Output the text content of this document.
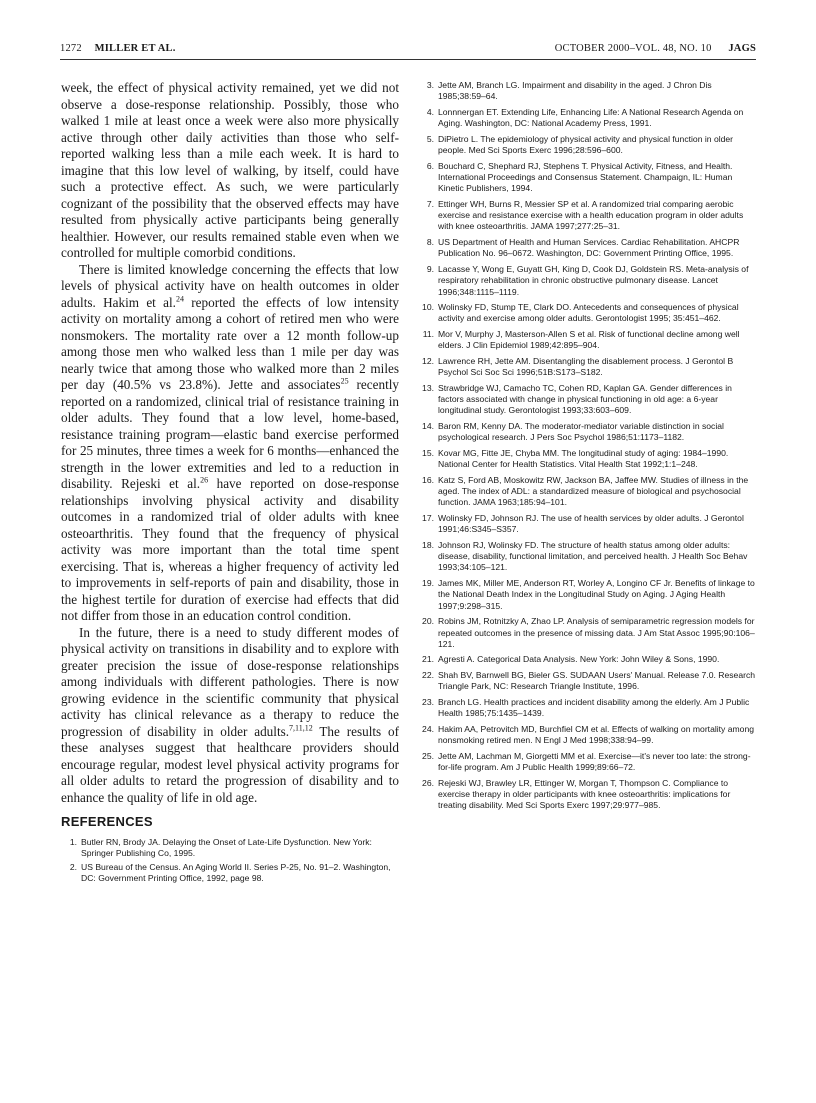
1272 MILLER ET AL.	OCTOBER 2000–VOL. 48, NO. 10 JAGS

week, the effect of physical activity remained, yet we did not observe a dose-response relationship. Possibly, those who walked 1 mile at least once a week were also more physically active through other daily activities than those who self-reported walking less than a mile each week. It is hard to imagine that this low level of walking, by itself, could have such a protective effect. As such, we were particularly cognizant of the possibility that the observed effects may have resulted from physically active participants being generally healthier. However, our results remained stable even when we controlled for multiple comorbid conditions.

There is limited knowledge concerning the effects that low levels of physical activity have on health outcomes in older adults. Hakim et al.$^{24}$ reported the effects of low intensity activity on mortality among a cohort of retired men who were nonsmokers. The mortality rate over a 12 month follow-up among those men who walked less than 1 mile per day was nearly twice that among those who walked more than 2 miles per day (40.5% vs 23.8%). Jette and associates$^{25}$ recently reported on a randomized, clinical trial of resistance training in older adults. They found that a low level, home-based, resistance training program—elastic band exercise performed for 25 minutes, three times a week for 6 months—enhanced the strength in the lower extremities and led to a reduction in disability. Rejeski et al.$^{26}$ have reported on dose-response relationships involving physical activity and disability outcomes in a randomized trial of older adults with knee osteoarthritis. They found that the frequency of physical activity was more important than the total time spent exercising. That is, whereas a higher frequency of activity led to improvements in self-reports of pain and disability, those in the highest tertile for duration of exercise had effects that did not differ from those in an education control condition.

In the future, there is a need to study different modes of physical activity on transitions in disability and to explore with greater precision the issue of dose-response relationships among individuals with different pathologies. There is now growing evidence in the scientific community that physical activity has clinical relevance as a therapy to reduce the progression of disability in older adults.$^{7,11,12}$ The results of these analyses suggest that healthcare providers should encourage regular, modest level physical activity programs for all older adults to retard the progression of disability and to enhance the quality of life in old age.

REFERENCES
1. Butler RN, Brody JA. Delaying the Onset of Late-Life Dysfunction. New York: Springer Publishing Co, 1995.
2. US Bureau of the Census. An Aging World II. Series P-25, No. 91–2. Washington, DC: Government Printing Office, 1992, page 98.
3. Jette AM, Branch LG. Impairment and disability in the aged. J Chron Dis 1985;38:59–64.
4. Lonnnergan ET. Extending Life, Enhancing Life: A National Research Agenda on Aging. Washington, DC: National Academy Press, 1991.
5. DiPietro L. The epidemiology of physical activity and physical function in older people. Med Sci Sports Exerc 1996;28:596–600.
6. Bouchard C, Shephard RJ, Stephens T. Physical Activity, Fitness, and Health. International Proceedings and Consensus Statement. Champaign, IL: Human Kinetic Publishers, 1994.
7. Ettinger WH, Burns R, Messier SP et al. A randomized trial comparing aerobic exercise and resistance exercise with a health education program in older adults with knee osteoarthritis. JAMA 1997;277:25–31.
8. US Department of Health and Human Services. Cardiac Rehabilitation. AHCPR Publication No. 96–0672. Washington, DC: Government Printing Office, 1995.
9. Lacasse Y, Wong E, Guyatt GH, King D, Cook DJ, Goldstein RS. Meta-analysis of respiratory rehabilitation in chronic obstructive pulmonary disease. Lancet 1996;348:1115–1119.
10. Wolinsky FD, Stump TE, Clark DO. Antecedents and consequences of physical activity and exercise among older adults. Gerontologist 1995; 35:451–462.
11. Mor V, Murphy J, Masterson-Allen S et al. Risk of functional decline among well elders. J Clin Epidemiol 1989;42:895–904.
12. Lawrence RH, Jette AM. Disentangling the disablement process. J Gerontol B Psychol Sci Soc Sci 1996;51B:S173–S182.
13. Strawbridge WJ, Camacho TC, Cohen RD, Kaplan GA. Gender differences in factors associated with change in physical functioning in old age: a 6-year longitudinal study. Gerontologist 1993;33:603–609.
14. Baron RM, Kenny DA. The moderator-mediator variable distinction in social psychological research. J Pers Soc Psychol 1986;51:1173–1182.
15. Kovar MG, Fitte JE, Chyba MM. The longitudinal study of aging: 1984–1990. National Center for Health Statistics. Vital Health Stat 1992;1:1–248.
16. Katz S, Ford AB, Moskowitz RW, Jackson BA, Jaffee MW. Studies of illness in the aged. The index of ADL: a standardized measure of biological and psychosocial function. JAMA 1963;185:94–101.
17. Wolinsky FD, Johnson RJ. The use of health services by older adults. J Gerontol 1991;46:S345–S357.
18. Johnson RJ, Wolinsky FD. The structure of health status among older adults: disease, disability, functional limitation, and perceived health. J Health Soc Behav 1993;34:105–121.
19. James MK, Miller ME, Anderson RT, Worley A, Longino CF Jr. Benefits of linkage to the National Death Index in the Longitudinal Study on Aging. J Aging Health 1997;9:298–315.
20. Robins JM, Rotnitzky A, Zhao LP. Analysis of semiparametric regression models for repeated outcomes in the presence of missing data. J Am Stat Assoc 1995;90:106–121.
21. Agresti A. Categorical Data Analysis. New York: John Wiley & Sons, 1990.
22. Shah BV, Barnwell BG, Bieler GS. SUDAAN Users' Manual. Release 7.0. Research Triangle Park, NC: Research Triangle Institute, 1996.
23. Branch LG. Health practices and incident disability among the elderly. Am J Public Health 1985;75:1435–1439.
24. Hakim AA, Petrovitch MD, Burchfiel CM et al. Effects of walking on mortality among nonsmoking retired men. N Engl J Med 1998;338:94–99.
25. Jette AM, Lachman M, Giorgetti MM et al. Exercise—it's never too late: the strong-for-life program. Am J Public Health 1999;89:66–72.
26. Rejeski WJ, Brawley LR, Ettinger W, Morgan T, Thompson C. Compliance to exercise therapy in older participants with knee osteoarthritis: implications for treating disability. Med Sci Sports Exerc 1997;29:977–985.
